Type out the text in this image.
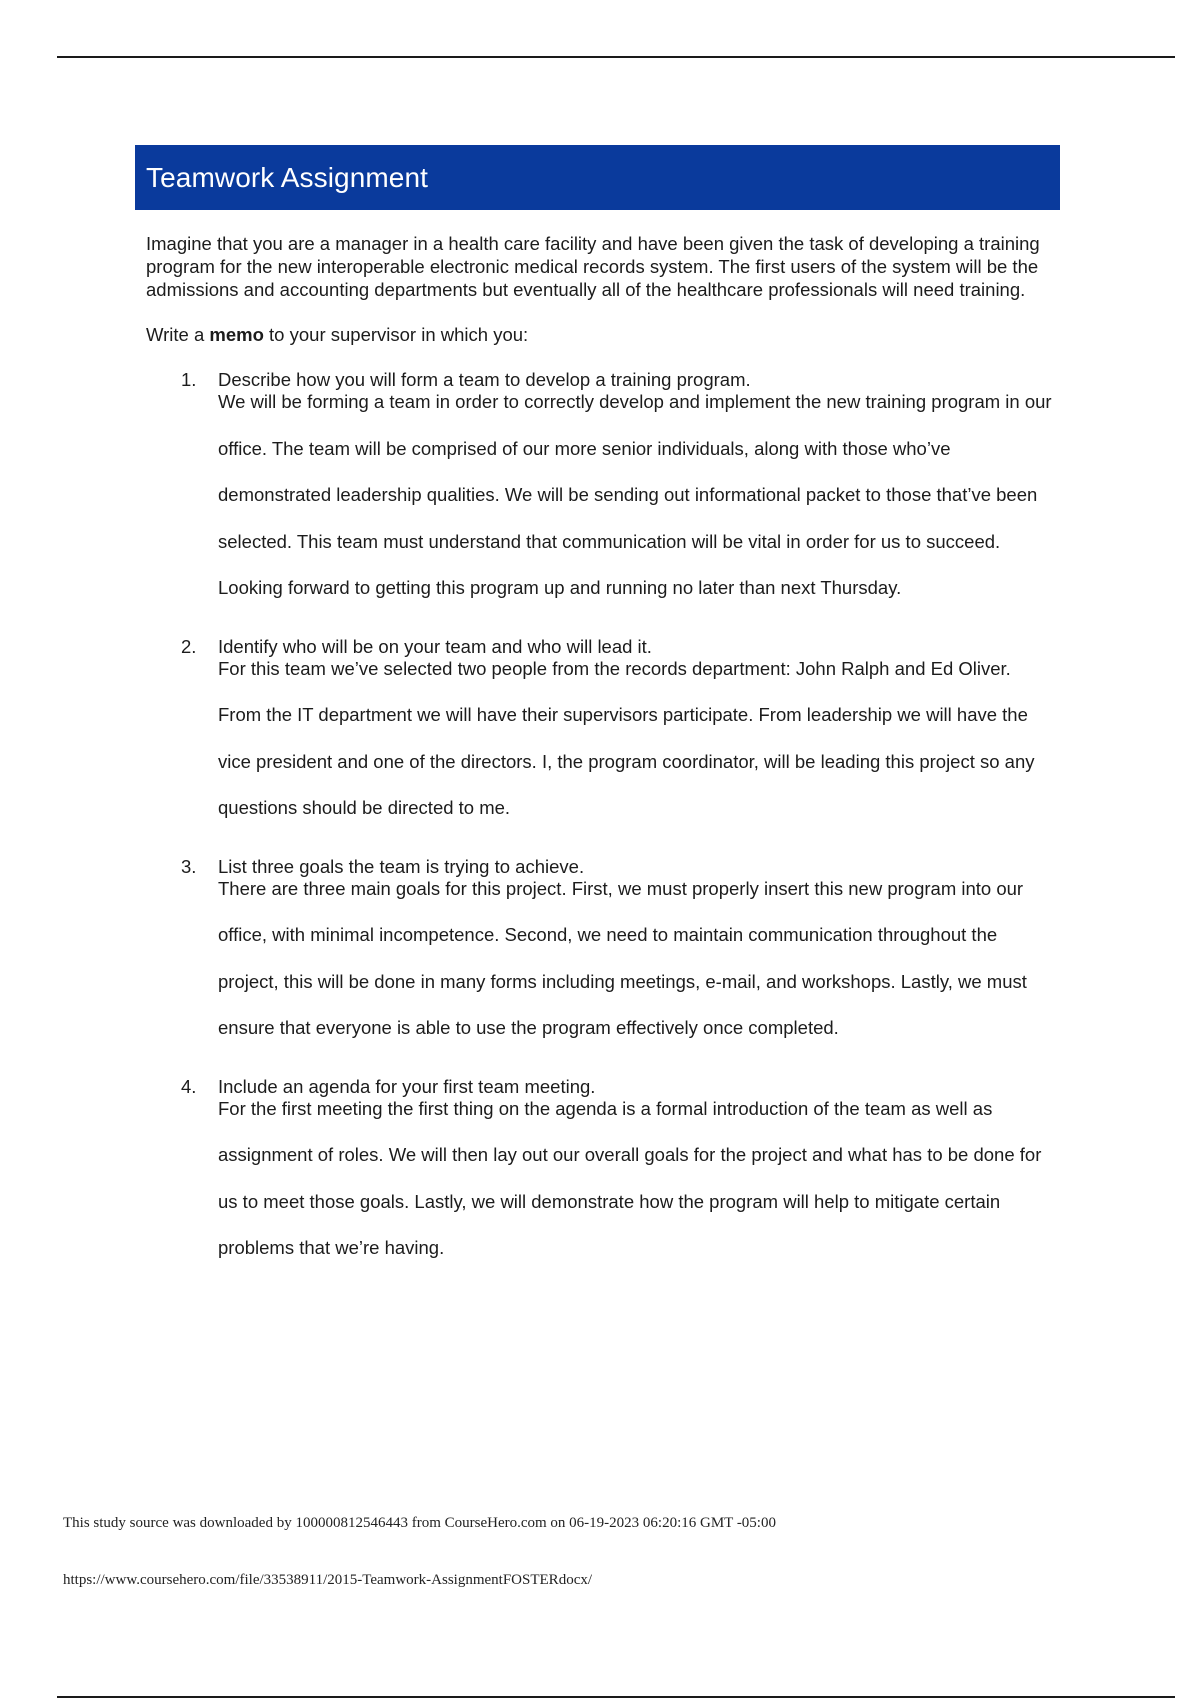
Teamwork Assignment

Imagine that you are a manager in a health care facility and have been given the task of developing a training program for the new interoperable electronic medical records system. The first users of the system will be the admissions and accounting departments but eventually all of the healthcare professionals will need training.

Write a memo to your supervisor in which you:

1. Describe how you will form a team to develop a training program.
We will be forming a team in order to correctly develop and implement the new training program in our office. The team will be comprised of our more senior individuals, along with those who’ve demonstrated leadership qualities. We will be sending out informational packet to those that’ve been selected. This team must understand that communication will be vital in order for us to succeed. Looking forward to getting this program up and running no later than next Thursday.
2. Identify who will be on your team and who will lead it.
For this team we’ve selected two people from the records department: John Ralph and Ed Oliver. From the IT department we will have their supervisors participate. From leadership we will have the vice president and one of the directors. I, the program coordinator, will be leading this project so any questions should be directed to me.
3. List three goals the team is trying to achieve.
There are three main goals for this project. First, we must properly insert this new program into our office, with minimal incompetence. Second, we need to maintain communication throughout the project, this will be done in many forms including meetings, e-mail, and workshops. Lastly, we must ensure that everyone is able to use the program effectively once completed.
4. Include an agenda for your first team meeting.
For the first meeting the first thing on the agenda is a formal introduction of the team as well as assignment of roles. We will then lay out our overall goals for the project and what has to be done for us to meet those goals. Lastly, we will demonstrate how the program will help to mitigate certain problems that we’re having.
This study source was downloaded by 100000812546443 from CourseHero.com on 06-19-2023 06:20:16 GMT -05:00
https://www.coursehero.com/file/33538911/2015-Teamwork-AssignmentFOSTERdocx/
